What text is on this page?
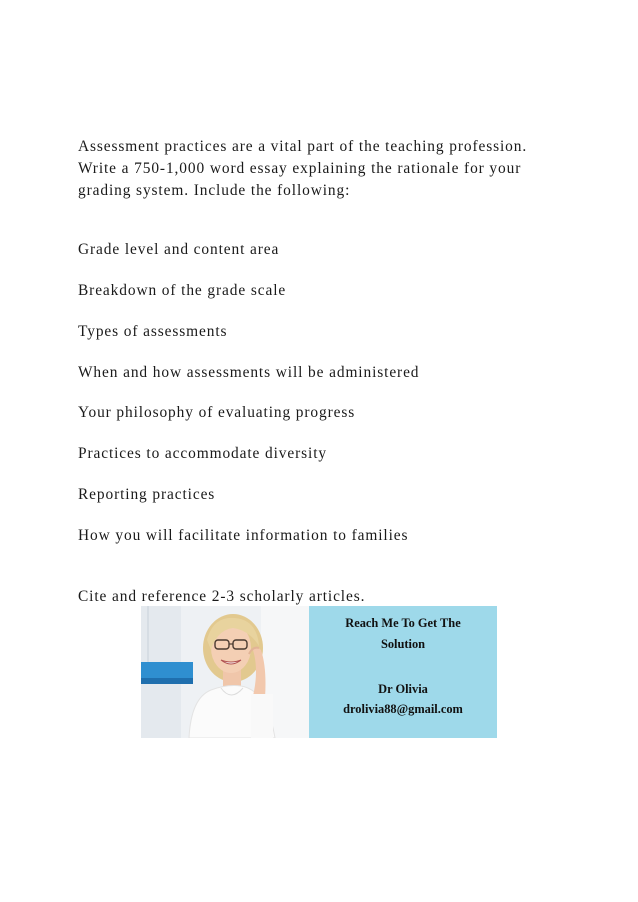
Assessment practices are a vital part of the teaching profession.
Write a 750-1,000 word essay explaining the rationale for your
grading system. Include the following:

Grade level and content area

Breakdown of the grade scale

Types of assessments

When and how assessments will be administered

Your philosophy of evaluating progress

Practices to accommodate diversity

Reporting practices

How you will facilitate information to families

Cite and reference 2-3 scholarly articles.

Reach Me To Get The
Solution
Dr Olivia
drolivia88@gmail.com
